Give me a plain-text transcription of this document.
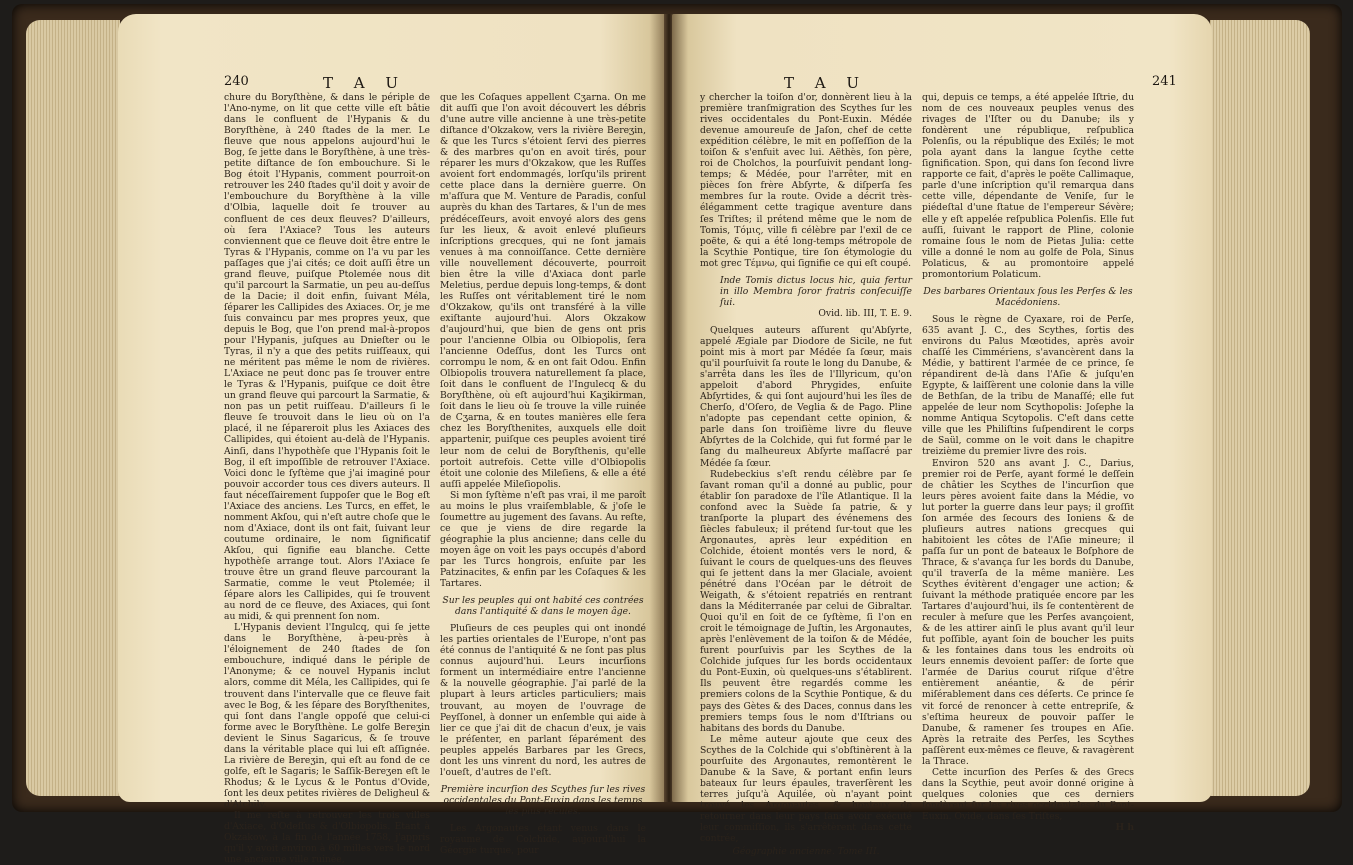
240	T A U

chure du Boryſthène, & dans le périple de l'Ano-nyme, on lit que cette ville eſt bâtie dans le confluent de l'Hypanis & du Boryſthène, à 240 ſtades de la mer. Le fleuve que nous appelons aujourd'hui le Bog, ſe jette dans le Boryſthène, à une très-petite diſtance de ſon embouchure. Si le Bog étoit l'Hypanis, comment pourroit-on retrouver les 240 ſtades qu'il doit y avoir de l'embouchure du Boryſthène à la ville d'Olbia, laquelle doit ſe trouver au confluent de ces deux fleuves? D'ailleurs, où ſera l'Axiace? Tous les auteurs conviennent que ce fleuve doit être entre le Tyras & l'Hypanis, comme on l'a vu par les paſſages que j'ai cités; ce doit auſſi être un grand fleuve, puiſque Ptolemée nous dit qu'il parcourt la Sarmatie, un peu au-deſſus de la Dacie; il doit enfin, ſuivant Méla, ſéparer les Callipides des Axiaces. Or, je me ſuis convaincu par mes propres yeux, que depuis le Bog, que l'on prend mal-à-propos pour l'Hypanis, juſques au Dnieſter ou le Tyras, il n'y a que des petits ruiſſeaux, qui ne méritent pas même le nom de rivières. L'Axiace ne peut donc pas ſe trouver entre le Tyras & l'Hypanis, puiſque ce doit être un grand fleuve qui parcourt la Sarmatie, & non pas un petit ruiſſeau. D'ailleurs ſi le fleuve ſe trouvoit dans le lieu où on l'a placé, il ne ſépareroit plus les Axiaces des Callipides, qui étoient au-delà de l'Hypanis. Ainſi, dans l'hypothèſe que l'Hypanis ſoit le Bog, il eſt impoſſible de retrouver l'Axiace. Voici donc le ſyſtème que j'ai imaginé pour pouvoir accorder tous ces divers auteurs. Il faut néceſſairement ſuppoſer que le Bog eſt l'Axiace des anciens. Les Turcs, en effet, le nomment Akſou, qui n'eſt autre choſe que le nom d'Axiace, dont ils ont fait, ſuivant leur coutume ordinaire, le nom ſignificatif Akſou, qui ſignifie eau blanche. Cette hypothèſe arrange tout. Alors l'Axiace ſe trouve être un grand fleuve parcourant la Sarmatie, comme le veut Ptolemée; il ſépare alors les Callipides, qui ſe trouvent au nord de ce fleuve, des Axiaces, qui ſont au midi, & qui prennent ſon nom.

L'Hypanis devient l'Ingulcq, qui ſe jette dans le Boryſthène, à-peu-près à l'éloignement de 240 ſtades de ſon embouchure, indiqué dans le périple de l'Anonyme; & ce nouvel Hypanis inclut alors, comme dit Méla, les Callipides, qui ſe trouvent dans l'intervalle que ce fleuve fait avec le Bog, & les ſépare des Boryſthenites, qui ſont dans l'angle oppoſé que celui-ci forme avec le Boryſthène. Le golfe Bereʒin devient le Sinus Sagaricus, & ſe trouve dans la véritable place qui lui eſt aſſignée. La rivière de Bereʒin, qui eſt au fond de ce golfe, eſt le Sagaris; le Saſſik-Bereʒen eſt le Rhodus; & le Lycus & le Pontus d'Ovide, ſont les deux petites rivières de Deligheul & d'Atchily.

Il me reſte à retrouver les trois villes d'Axiace, d'Odeſſus & d'Olbiopolis. Etant à Okzakow, à la fin de l'année 1758, j'appris qu'il y avoit environ à 60 milles vers le nord une ancienne ville ruinée,

que les Coſaques appellent Cʒarna. On me dit auſſi que l'on avoit découvert les débris d'une autre ville ancienne à une très-petite diſtance d'Okzakow, vers la rivière Bereʒin, & que les Turcs s'étoient ſervi des pierres & des marbres qu'on en avoit tirés, pour réparer les murs d'Okzakow, que les Ruſſes avoient fort endommagés, lorſqu'ils prirent cette place dans la dernière guerre. On m'aſſura que M. Venture de Paradis, conſul auprès du khan des Tartares, & l'un de mes prédéceſſeurs, avoit envoyé alors des gens ſur les lieux, & avoit enlevé pluſieurs inſcriptions grecques, qui ne ſont jamais venues à ma connoiſſance. Cette dernière ville nouvellement découverte, pourroit bien être la ville d'Axiaca dont parle Meletius, perdue depuis long-temps, & dont les Ruſſes ont véritablement tiré le nom d'Okzakow, qu'ils ont transféré à la ville exiſtante aujourd'hui. Alors Okzakow d'aujourd'hui, que bien de gens ont pris pour l'ancienne Olbia ou Olbiopolis, ſera l'ancienne Odeſſus, dont les Turcs ont corrompu le nom, & en ont fait Odou. Enfin Olbiopolis trouvera naturellement ſa place, ſoit dans le confluent de l'Ingulecq & du Boryſthène, où eſt aujourd'hui Kaʒikirman, ſoit dans le lieu où ſe trouve la ville ruinée de Cʒarna, & en toutes manières elle ſera chez les Boryſthenites, auxquels elle doit appartenir, puiſque ces peuples avoient tiré leur nom de celui de Boryſthenis, qu'elle portoit autrefois. Cette ville d'Olbiopolis étoit une colonie des Mileſiens, & elle a été auſſi appelée Mileſiopolis.

Si mon ſyſtème n'eſt pas vrai, il me paroît au moins le plus vraiſemblable, & j'oſe le ſoumettre au jugement des ſavans. Au reſte, ce que je viens de dire regarde la géographie la plus ancienne; dans celle du moyen âge on voit les pays occupés d'abord par les Turcs hongrois, enſuite par les Patzinacites, & enfin par les Coſaques & les Tartares.

Sur les peuples qui ont habité ces contrées dans l'antiquité & dans le moyen âge.

Pluſieurs de ces peuples qui ont inondé les parties orientales de l'Europe, n'ont pas été connus de l'antiquité & ne ſont pas plus connus aujourd'hui. Leurs incurſions forment un intermédiaire entre l'ancienne & la nouvelle géographie. J'ai parlé de la plupart à leurs articles particuliers; mais trouvant, au moyen de l'ouvrage de Peyſſonel, à donner un enſemble qui aide à lier ce que j'ai dit de chacun d'eux, je vais le préſenter, en parlant ſéparément des peuples appelés Barbares par les Grecs, dont les uns vinrent du nord, les autres de l'oueſt, d'autres de l'eſt.

Première incurſion des Scythes ſur les rives occidentales du Pont-Euxin dans les temps les plus reculés.

Les Argonautes étant venus dans le royaume de Colchide, aujourd'hui la Géorgie turque, pour

T A U	241

y chercher la toiſon d'or, donnèrent lieu à la première tranſmigration des Scythes ſur les rives occidentales du Pont-Euxin. Médée devenue amoureuſe de Jaſon, chef de cette expédition célèbre, le mit en poſſeſſion de la toiſon & s'enfuit avec lui. Aëthès, ſon père, roi de Cholchos, la pourſuivit pendant long-temps; & Médée, pour l'arrêter, mit en pièces ſon frère Abſyrte, & diſperſa ſes membres ſur la route. Ovide a décrit très-élégamment cette tragique aventure dans ſes Triſtes; il prétend même que le nom de Tomis, Τόμις, ville fi célèbre par l'exil de ce poëte, & qui a été long-temps métropole de la Scythie Pontique, tire ſon étymologie du mot grec Τέμνω, qui ſignifie ce qui eſt coupé.

Inde Tomis dictus locus hic, quia fertur in illo Membra ſoror fratris conſecuiſſe ſui.

Ovid. lib. III, T. E. 9.

Quelques auteurs aſſurent qu'Abſyrte, appelé Ægiale par Diodore de Sicile, ne fut point mis à mort par Médée ſa ſœur, mais qu'il pourſuivit ſa route le long du Danube, & s'arrêta dans les îles de l'Illyricum, qu'on appeloit d'abord Phrygides, enſuite Abſyrtides, & qui ſont aujourd'hui les îles de Cherſo, d'Oſero, de Veglia & de Pago. Pline n'adopte pas cependant cette opinion, & parle dans ſon troiſième livre du fleuve Abſyrtes de la Colchide, qui fut formé par le ſang du malheureux Abſyrte maſſacré par Médée ſa ſœur.

Rudebeckius s'eſt rendu célèbre par ſe ſavant roman qu'il a donné au public, pour établir ſon paradoxe de l'île Atlantique. Il la confond avec la Suède ſa patrie, & y tranſporte la plupart des événemens des ſiècles fabuleux; il prétend ſur-tout que les Argonautes, après leur expédition en Colchide, étoient montés vers le nord, & ſuivant le cours de quelques-uns des fleuves qui ſe jettent dans la mer Glaciale, avoient pénétré dans l'Océan par le détroit de Weigath, & s'étoient repatriés en rentrant dans la Méditerranée par celui de Gibraltar. Quoi qu'il en ſoit de ce ſyſtème, ſi l'on en croit le témoignage de Juſtin, les Argonautes, après l'enlèvement de la toiſon & de Médée, furent pourſuivis par les Scythes de la Colchide juſques ſur les bords occidentaux du Pont-Euxin, où quelques-uns s'établirent. Ils peuvent être regardés comme les premiers colons de la Scythie Pontique, & du pays des Gètes & des Daces, connus dans les premiers temps ſous le nom d'Iſtrians ou habitans des bords du Danube.

Le même auteur ajoute que ceux des Scythes de la Colchide qui s'obſtinèrent à la pourſuite des Argonautes, remontèrent le Danube & la Save, & portant enfin leurs bateaux ſur leurs épaules, traverſèrent les terres juſqu'à Aquilée, où n'ayant point trouvé les Argonautes, & honteux de retourner dans leur pays ſans avoir exécuté leur commiſſion, ils s'arrêtèrent dans cette contrée,

Géographie ancienne. Tome III.

qui, depuis ce temps, a été appelée Iſtrie, du nom de ces nouveaux peuples venus des rivages de l'Iſter ou du Danube; ils y fondèrent une république, reſpublica Polenſis, ou la république des Exilés; le mot pola ayant dans la langue ſcythe cette ſignification. Spon, qui dans ſon ſecond livre rapporte ce fait, d'après le poëte Callimaque, parle d'une inſcription qu'il remarqua dans cette ville, dépendante de Veniſe, ſur le piédeſtal d'une ſtatue de l'empereur Sévère; elle y eſt appelée reſpublica Polenſis. Elle fut auſſi, ſuivant le rapport de Pline, colonie romaine ſous le nom de Pietas Julia: cette ville a donné le nom au golfe de Pola, Sinus Polaticus, & au promontoire appelé promontorium Polaticum.

Des barbares Orientaux ſous les Perſes & les Macédoniens.

Sous le règne de Cyaxare, roi de Perſe, 635 avant J. C., des Scythes, ſortis des environs du Palus Mœotides, après avoir chaſſé les Cimmériens, s'avancèrent dans la Médie, y battirent l'armée de ce prince, ſe répandirent de-là dans l'Aſie & juſqu'en Egypte, & laiſſèrent une colonie dans la ville de Bethſan, de la tribu de Manaſſé; elle fut appelée de leur nom Scythopolis: Joſephe la nomme Antiqua Scytopolis. C'eſt dans cette ville que les Philiſtins ſuſpendirent le corps de Saül, comme on le voit dans le chapitre treizième du premier livre des rois.

Environ 520 ans avant J. C., Darius, premier roi de Perſe, ayant formé le deſſein de châtier les Scythes de l'incurſion que leurs pères avoient faite dans la Médie, vo lut porter la guerre dans leur pays; il groſſit ſon armée des ſecours des Ioniens & de pluſieurs autres nations grecques qui habitoient les côtes de l'Aſie mineure; il paſſa ſur un pont de bateaux le Boſphore de Thrace, & s'avança ſur les bords du Danube, qu'il traverſa de la même manière. Les Scythes évitèrent d'engager une action; & ſuivant la méthode pratiquée encore par les Tartares d'aujourd'hui, ils ſe contentèrent de reculer à meſure que les Perſes avançoient, & de les attirer ainſi le plus avant qu'il leur fut poſſible, ayant ſoin de boucher les puits & les fontaines dans tous les endroits où leurs ennemis devoient paſſer: de ſorte que l'armée de Darius courut riſque d'être entièrement anéantie, & de périr miſérablement dans ces déſerts. Ce prince ſe vit forcé de renoncer à cette entrepriſe, & s'eſtima heureux de pouvoir paſſer le Danube, & ramener ſes troupes en Aſie. Après la retraite des Perſes, les Scythes paſſèrent eux-mêmes ce fleuve, & ravagèrent la Thrace.

Cette incurſion des Perſes & des Grecs dans la Scythie, peut avoir donné origine à quelques colonies que ces derniers fondèrent ſur les rives occidentales du Pont-Euxin. Ovide, dans ſes Triſtes,

H h
